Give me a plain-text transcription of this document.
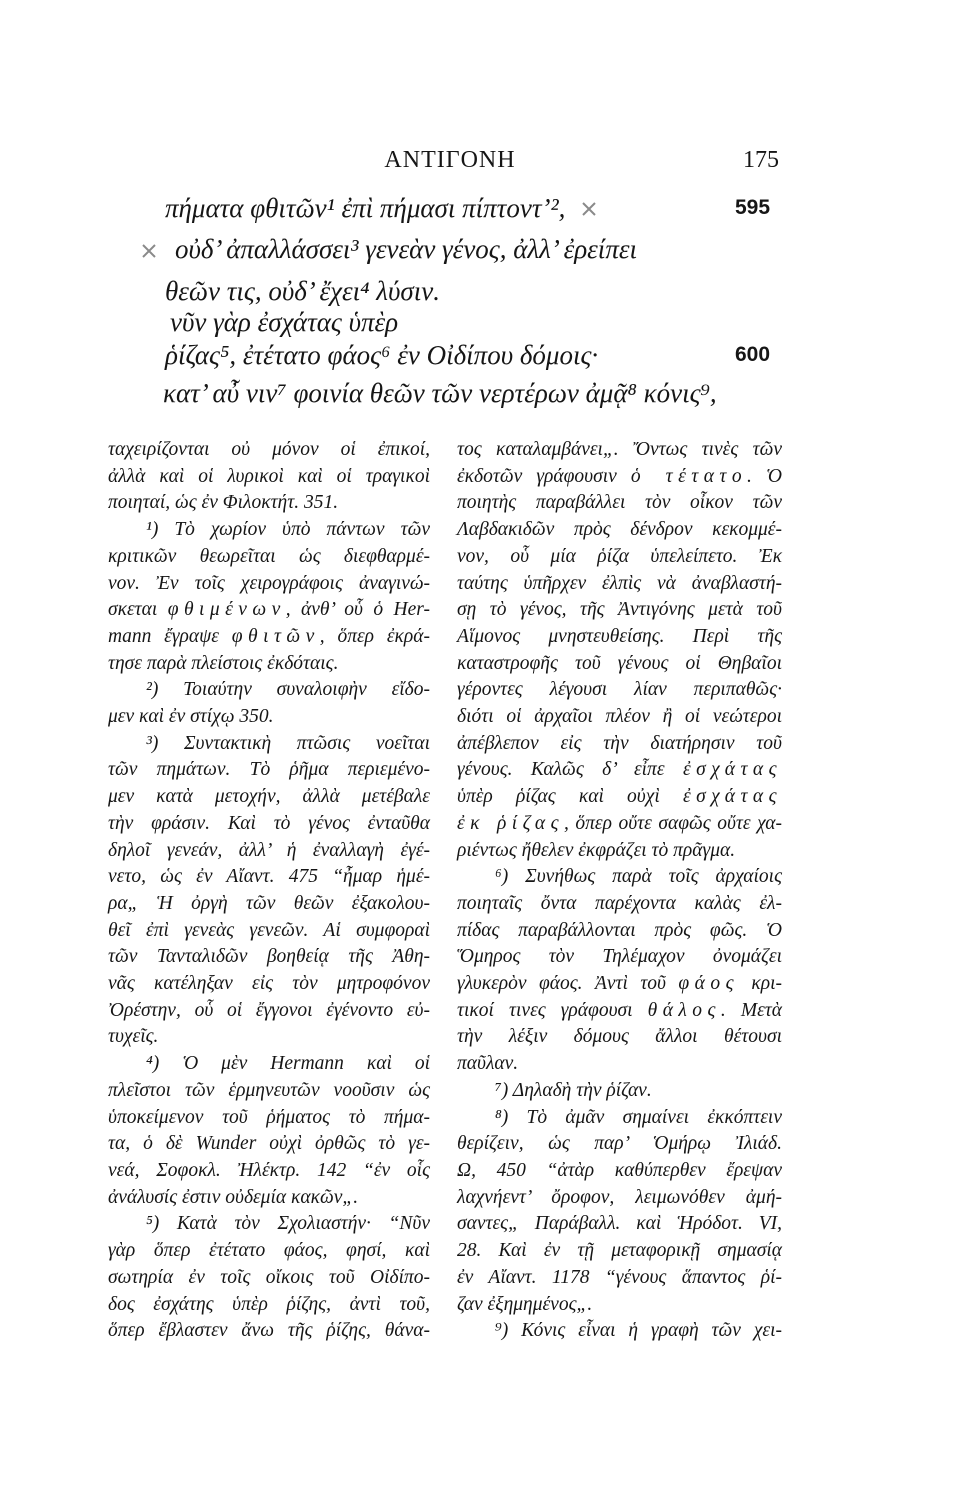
ΑΝΤΙΓΟΝΗ	175
πήματα φθιτῶν¹ ἐπὶ πήμασι πίπτοντ’²,
οὐδ’ ἀπαλλάσσει³ γενεὰν γένος, ἀλλ’ ἐρείπει
θεῶν τις, οὐδ’ ἔχει⁴ λύσιν.
νῦν γὰρ ἐσχάτας ὑπὲρ
ῥίζας⁵, ἐτέτατο φάος⁶ ἐν Οἰδίπου δόμοις·
κατ’ αὖ νιν⁷ φοινία θεῶν τῶν νερτέρων ἀμᾷ⁸ κόνις⁹,
595
600
ταχειρίζονται οὐ μόνον οἱ ἐπικοί,
ἀλλὰ καὶ οἱ λυρικοὶ καὶ οἱ τραγικοὶ
ποιηταί, ὡς ἐν Φιλοκτήτ. 351.
¹) Τὸ χωρίον ὑπὸ πάντων τῶν
κριτικῶν θεωρεῖται ὡς διεφθαρμέ-
νον. Ἐν τοῖς χειρογράφοις ἀναγινώ-
σκεται φθιμένων, ἀνθ’ οὗ ὁ Her-
mann ἔγραψε φθιτῶν, ὅπερ ἐκρά-
τησε παρὰ πλείστοις ἐκδόταις.
²) Τοιαύτην συναλοιφὴν εἴδο-
μεν καὶ ἐν στίχῳ 350.
³) Συντακτικὴ πτῶσις νοεῖται
τῶν πημάτων. Τὸ ῥῆμα περιεμένο-
μεν κατὰ μετοχήν, ἀλλὰ μετέβαλε
τὴν φράσιν. Καὶ τὸ γένος ἐνταῦθα
δηλοῖ γενεάν, ἀλλ’ ἡ ἐναλλαγὴ ἐγέ-
νετο, ὡς ἐν Αἴαντ. 475 “ἦμαρ ἡμέ-
ρα„ Ἡ ὀργὴ τῶν θεῶν ἐξακολου-
θεῖ ἐπὶ γενεὰς γενεῶν. Αἱ συμφοραὶ
τῶν Τανταλιδῶν βοηθείᾳ τῆς Ἀθη-
νᾶς κατέληξαν εἰς τὸν μητροφόνον
Ὀρέστην, οὗ οἱ ἔγγονοι ἐγένοντο εὐ-
τυχεῖς.
⁴) Ὁ μὲν Hermann καὶ οἱ
πλεῖστοι τῶν ἑρμηνευτῶν νοοῦσιν ὡς
ὑποκείμενον τοῦ ῥήματος τὸ πήμα-
τα, ὁ δὲ Wunder οὐχὶ ὀρθῶς τὸ γε-
νεά, Σοφοκλ. Ἠλέκτρ. 142 “ἐν οἷς
ἀνάλυσίς ἐστιν οὐδεμία κακῶν„.
⁵) Κατὰ τὸν Σχολιαστήν· “Νῦν
γὰρ ὅπερ ἐτέτατο φάος, φησί, καὶ
σωτηρία ἐν τοῖς οἴκοις τοῦ Οἰδίπο-
δος ἐσχάτης ὑπὲρ ῥίζης, ἀντὶ τοῦ,
ὅπερ ἔβλαστεν ἄνω τῆς ῥίζης, θάνα-
τος καταλαμβάνει„. Ὄντως τινὲς τῶν
ἐκδοτῶν γράφουσιν ὁ τέτατο. Ὁ
ποιητὴς παραβάλλει τὸν οἶκον τῶν
Λαβδακιδῶν πρὸς δένδρον κεκομμέ-
νον, οὗ μία ῥίζα ὑπελείπετο. Ἐκ
ταύτης ὑπῆρχεν ἐλπὶς νὰ ἀναβλαστή-
σῃ τὸ γένος, τῆς Ἀντιγόνης μετὰ τοῦ
Αἵμονος μνηστευθείσης. Περὶ τῆς
καταστροφῆς τοῦ γένους οἱ Θηβαῖοι
γέροντες λέγουσι λίαν περιπαθῶς·
διότι οἱ ἀρχαῖοι πλέον ἢ οἱ νεώτεροι
ἀπέβλεπον εἰς τὴν διατήρησιν τοῦ
γένους. Καλῶς δ’ εἶπε ἐσχάτας
ὑπὲρ ῥίζας καὶ οὐχὶ ἐσχάτας
ἐκ ῥίζας, ὅπερ οὔτε σαφῶς οὔτε χα-
ριέντως ἤθελεν ἐκφράζει τὸ πρᾶγμα.
⁶) Συνήθως παρὰ τοῖς ἀρχαίοις
ποιηταῖς ὄντα παρέχοντα καλὰς ἐλ-
πίδας παραβάλλονται πρὸς φῶς. Ὁ
Ὅμηρος τὸν Τηλέμαχον ὀνομάζει
γλυκερὸν φάος. Ἀντὶ τοῦ φάος κρι-
τικοί τινες γράφουσι θάλος. Μετὰ
τὴν λέξιν δόμους ἄλλοι θέτουσι
παῦλαν.
⁷) Δηλαδὴ τὴν ῥίζαν.
⁸) Τὸ ἀμᾶν σημαίνει ἐκκόπτειν
θερίζειν, ὡς παρ’ Ὁμήρῳ Ἰλιάδ.
Ω, 450 “ἀτὰρ καθύπερθεν ἔρεψαν
λαχνήεντ’ ὄροφον, λειμωνόθεν ἀμή-
σαντες„ Παράβαλλ. καὶ Ἡρόδοτ. VI,
28. Καὶ ἐν τῇ μεταφορικῇ σημασίᾳ
ἐν Αἴαντ. 1178 “γένους ἅπαντος ῥί-
ζαν ἐξημημένος„.
⁹) Κόνις εἶναι ἡ γραφὴ τῶν χει-
